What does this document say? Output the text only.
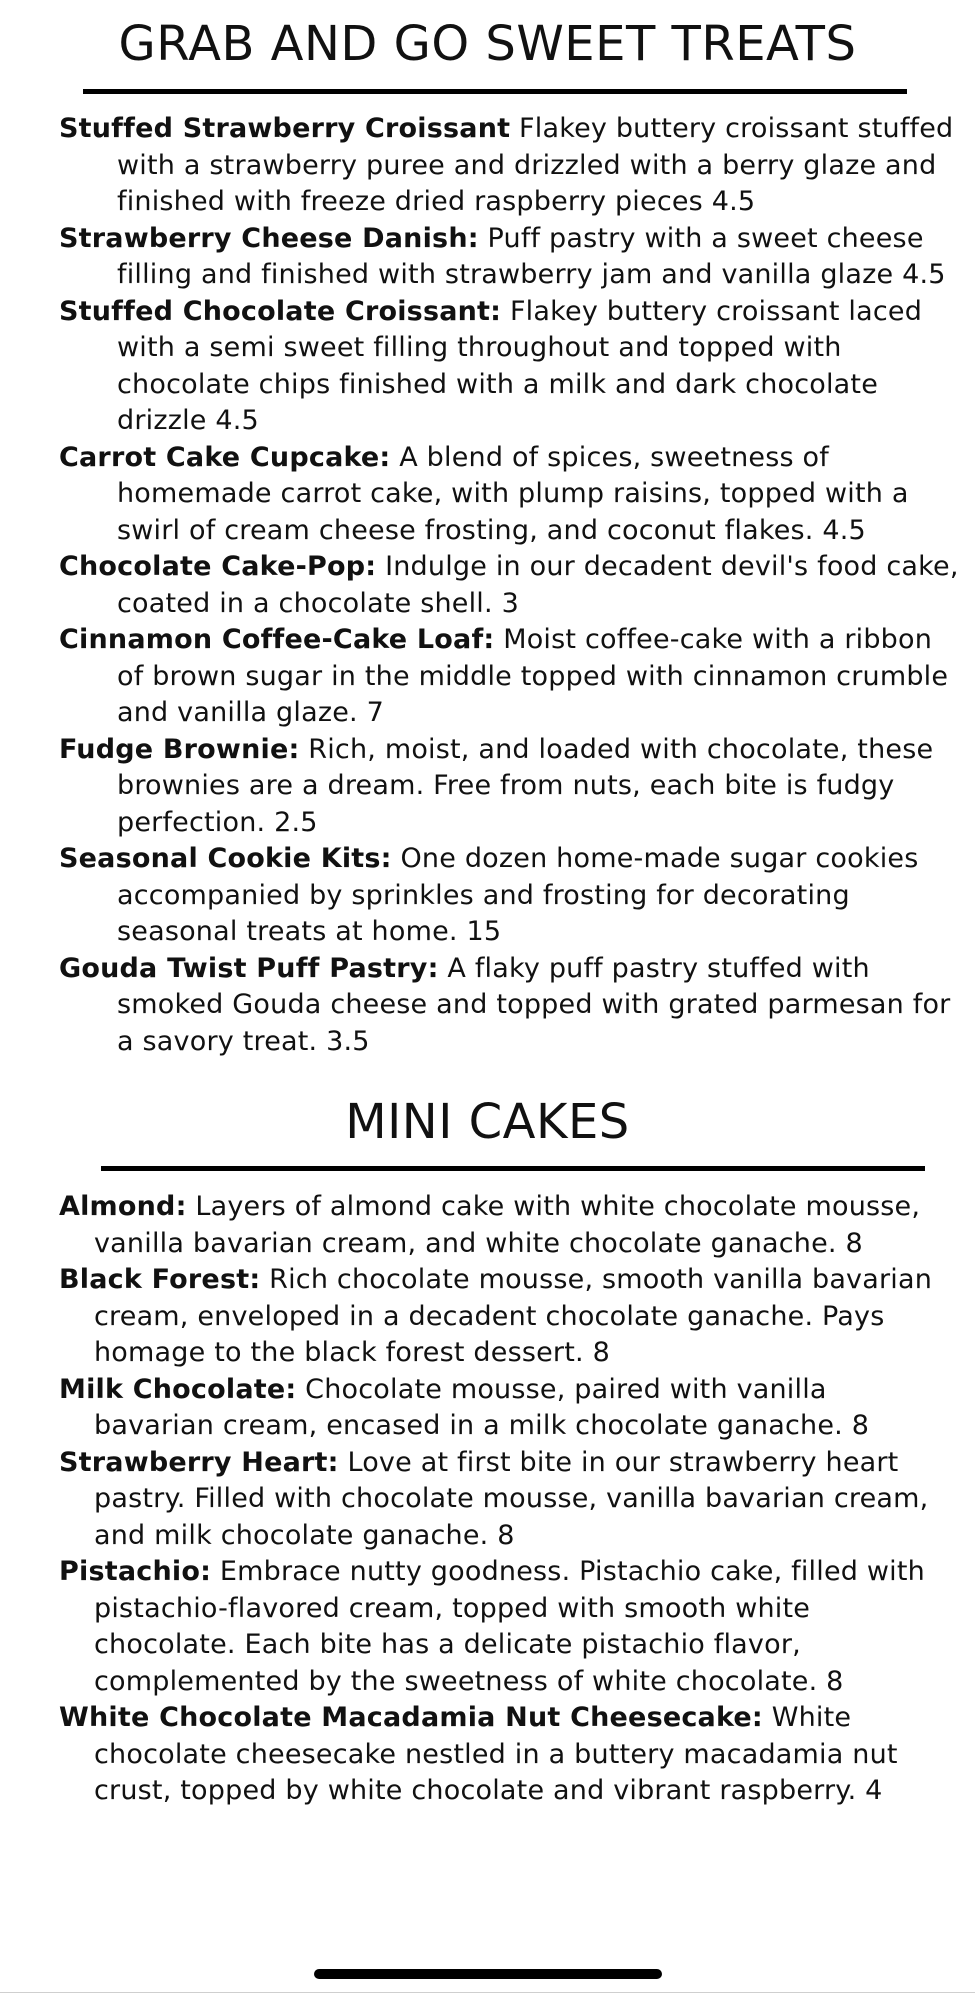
GRAB AND GO SWEET TREATS
Stuffed Strawberry Croissant Flakey buttery croissant stuffed with a strawberry puree and drizzled with a berry glaze and finished with freeze dried raspberry pieces 4.5
Strawberry Cheese Danish: Puff pastry with a sweet cheese filling and finished with strawberry jam and vanilla glaze 4.5
Stuffed Chocolate Croissant: Flakey buttery croissant laced with a semi sweet filling throughout and topped with chocolate chips finished with a milk and dark chocolate drizzle 4.5
Carrot Cake Cupcake: A blend of spices, sweetness of homemade carrot cake, with plump raisins, topped with a swirl of cream cheese frosting, and coconut flakes. 4.5
Chocolate Cake-Pop: Indulge in our decadent devil's food cake, coated in a chocolate shell. 3
Cinnamon Coffee-Cake Loaf: Moist coffee-cake with a ribbon of brown sugar in the middle topped with cinnamon crumble and vanilla glaze. 7
Fudge Brownie: Rich, moist, and loaded with chocolate, these brownies are a dream. Free from nuts, each bite is fudgy perfection. 2.5
Seasonal Cookie Kits: One dozen home-made sugar cookies accompanied by sprinkles and frosting for decorating seasonal treats at home. 15
Gouda Twist Puff Pastry: A flaky puff pastry stuffed with smoked Gouda cheese and topped with grated parmesan for a savory treat. 3.5
MINI CAKES
Almond: Layers of almond cake with white chocolate mousse, vanilla bavarian cream, and white chocolate ganache. 8
Black Forest: Rich chocolate mousse, smooth vanilla bavarian cream, enveloped in a decadent chocolate ganache. Pays homage to the black forest dessert. 8
Milk Chocolate: Chocolate mousse, paired with vanilla bavarian cream, encased in a milk chocolate ganache. 8
Strawberry Heart: Love at first bite in our strawberry heart pastry. Filled with chocolate mousse, vanilla bavarian cream, and milk chocolate ganache. 8
Pistachio: Embrace nutty goodness. Pistachio cake, filled with pistachio-flavored cream, topped with smooth white chocolate. Each bite has a delicate pistachio flavor, complemented by the sweetness of white chocolate. 8
White Chocolate Macadamia Nut Cheesecake: White chocolate cheesecake nestled in a buttery macadamia nut crust, topped by white chocolate and vibrant raspberry. 4
